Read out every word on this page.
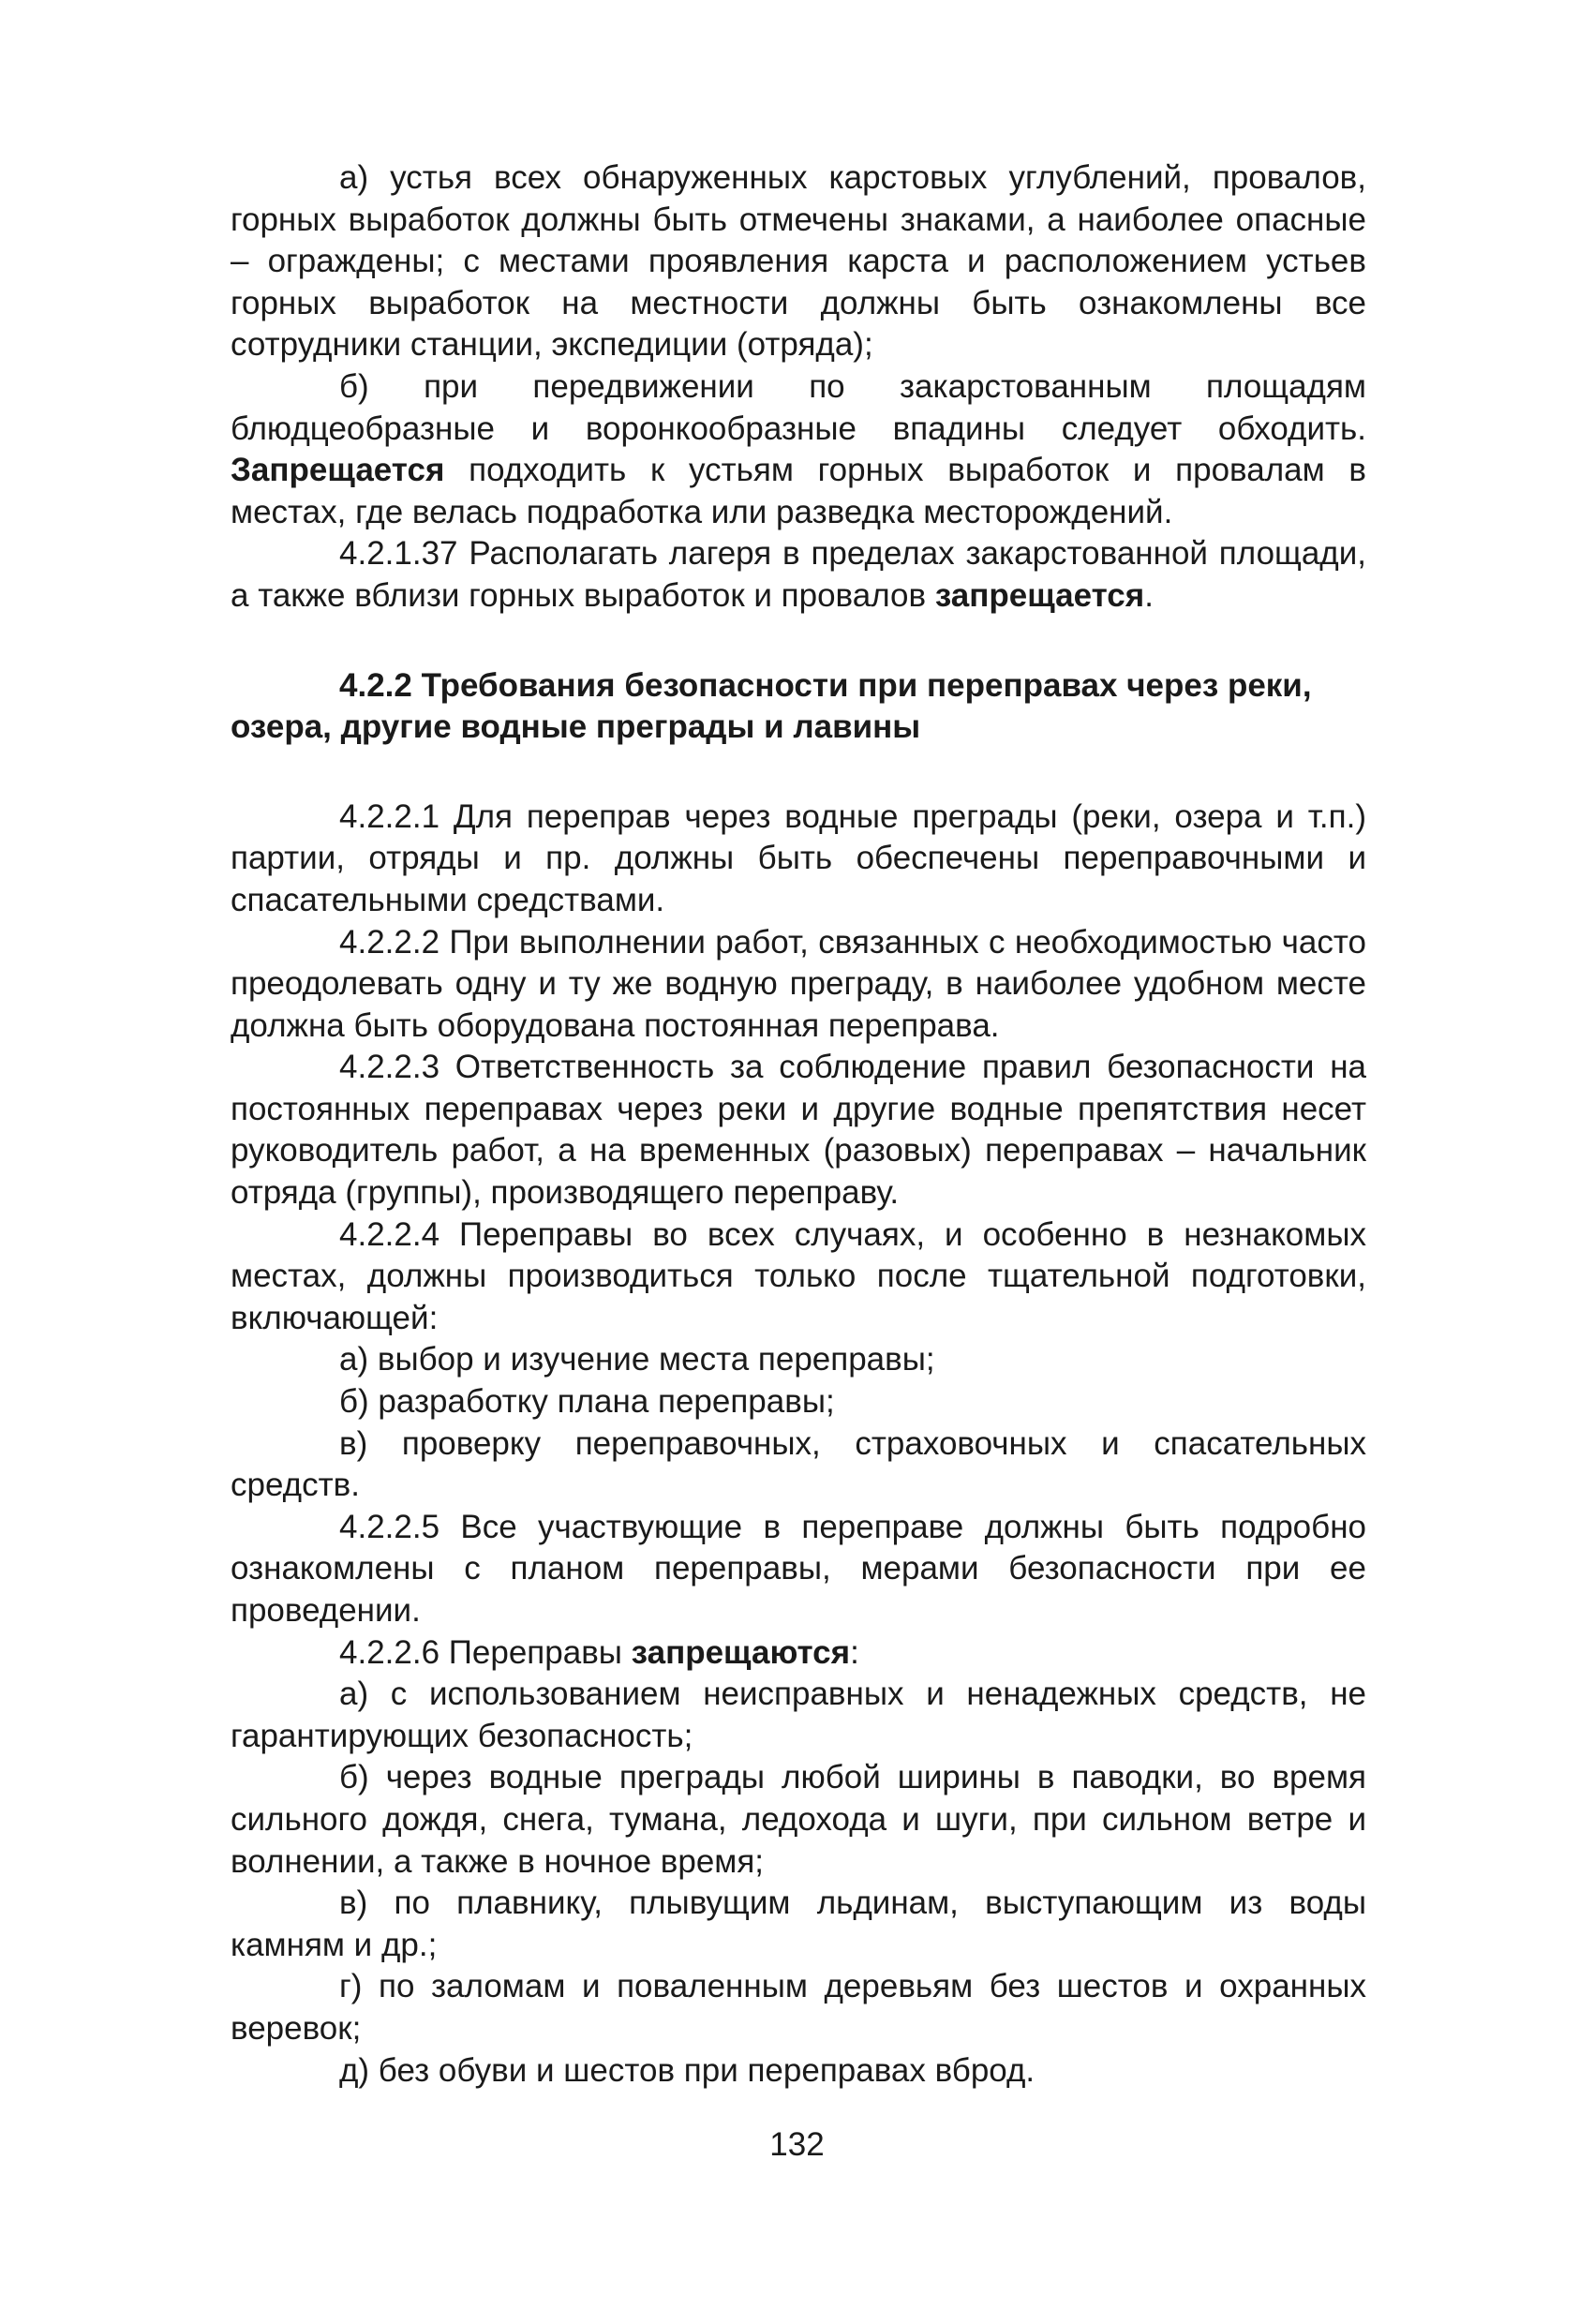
а) устья всех обнаруженных карстовых углублений, провалов, горных выработок должны быть отмечены знаками, а наиболее опасные – ограждены; с местами проявления карста и расположением устьев горных выработок на местности должны быть ознакомлены все сотрудники станции, экспедиции (отряда);

б) при передвижении по закарстованным площадям блюдцеобразные и воронкообразные впадины следует обходить. Запрещается подходить к устьям горных выработок и провалам в местах, где велась подработка или разведка месторождений.

4.2.1.37 Располагать лагеря в пределах закарстованной площади, а также вблизи горных выработок и провалов запрещается.

4.2.2 Требования безопасности при переправах через реки, озера, другие водные преграды и лавины

4.2.2.1 Для переправ через водные преграды (реки, озера и т.п.) партии, отряды и пр. должны быть обеспечены переправочными и спасательными средствами.

4.2.2.2 При выполнении работ, связанных с необходимостью часто преодолевать одну и ту же водную преграду, в наиболее удобном месте должна быть оборудована постоянная переправа.

4.2.2.3 Ответственность за соблюдение правил безопасности на постоянных переправах через реки и другие водные препятствия несет руководитель работ, а на временных (разовых) переправах – начальник отряда (группы), производящего переправу.

4.2.2.4 Переправы во всех случаях, и особенно в незнакомых местах, должны производиться только после тщательной подготовки, включающей:

а) выбор и изучение места переправы;

б) разработку плана переправы;

в) проверку переправочных, страховочных и спасательных средств.

4.2.2.5 Все участвующие в переправе должны быть подробно ознакомлены с планом переправы, мерами безопасности при ее проведении.

4.2.2.6 Переправы запрещаются:

а) с использованием неисправных и ненадежных средств, не гарантирующих безопасность;

б) через водные преграды любой ширины в паводки, во время сильного дождя, снега, тумана, ледохода и шуги, при сильном ветре и волнении, а также в ночное время;

в) по плавнику, плывущим льдинам, выступающим из воды камням и др.;

г) по заломам и поваленным деревьям без шестов и охранных веревок;

д) без обуви и шестов при переправах вброд.

132
